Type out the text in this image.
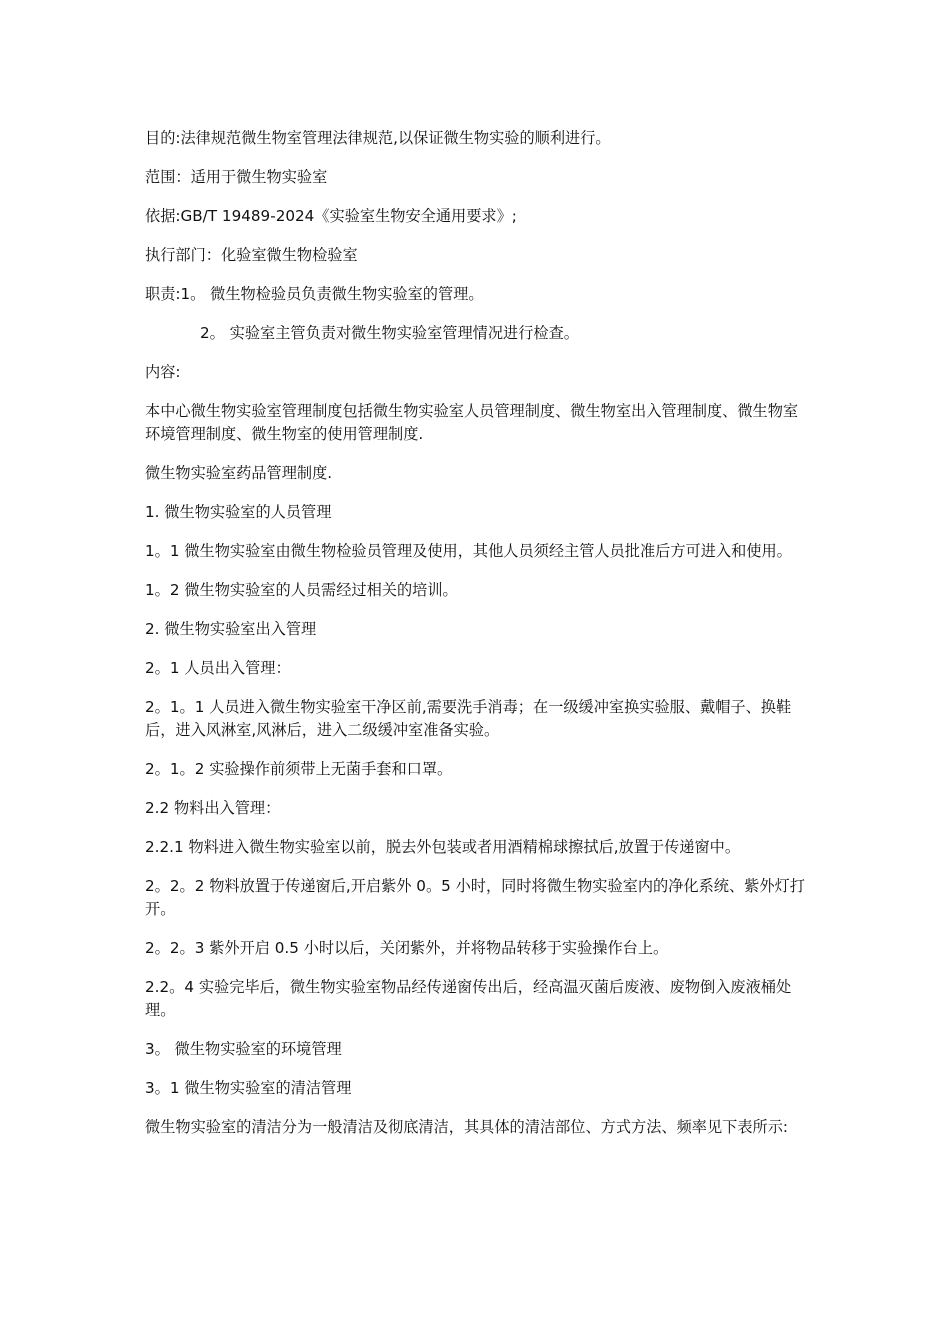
目的:法律规范微生物室管理法律规范,以保证微生物实验的顺利进行。

范围：适用于微生物实验室

依据:GB/T 19489-2024《实验室生物安全通用要求》;

执行部门：化验室微生物检验室

职责:1。 微生物检验员负责微生物实验室的管理。

2。 实验室主管负责对微生物实验室管理情况进行检查。

内容:

本中心微生物实验室管理制度包括微生物实验室人员管理制度、微生物室出入管理制度、微生物室环境管理制度、微生物室的使用管理制度.

微生物实验室药品管理制度.

1. 微生物实验室的人员管理

1。1 微生物实验室由微生物检验员管理及使用，其他人员须经主管人员批准后方可进入和使用。

1。2 微生物实验室的人员需经过相关的培训。

2. 微生物实验室出入管理

2。1 人员出入管理：

2。1。1 人员进入微生物实验室干净区前,需要洗手消毒；在一级缓冲室换实验服、戴帽子、换鞋后，进入风淋室,风淋后，进入二级缓冲室准备实验。

2。1。2 实验操作前须带上无菌手套和口罩。

2.2 物料出入管理：

2.2.1 物料进入微生物实验室以前，脱去外包装或者用酒精棉球擦拭后,放置于传递窗中。

2。2。2 物料放置于传递窗后,开启紫外 0。5 小时，同时将微生物实验室内的净化系统、紫外灯打开。

2。2。3 紫外开启 0.5 小时以后，关闭紫外，并将物品转移于实验操作台上。

2.2。4 实验完毕后，微生物实验室物品经传递窗传出后，经高温灭菌后废液、废物倒入废液桶处理。

3。 微生物实验室的环境管理

3。1 微生物实验室的清洁管理

微生物实验室的清洁分为一般清洁及彻底清洁，其具体的清洁部位、方式方法、频率见下表所示:
